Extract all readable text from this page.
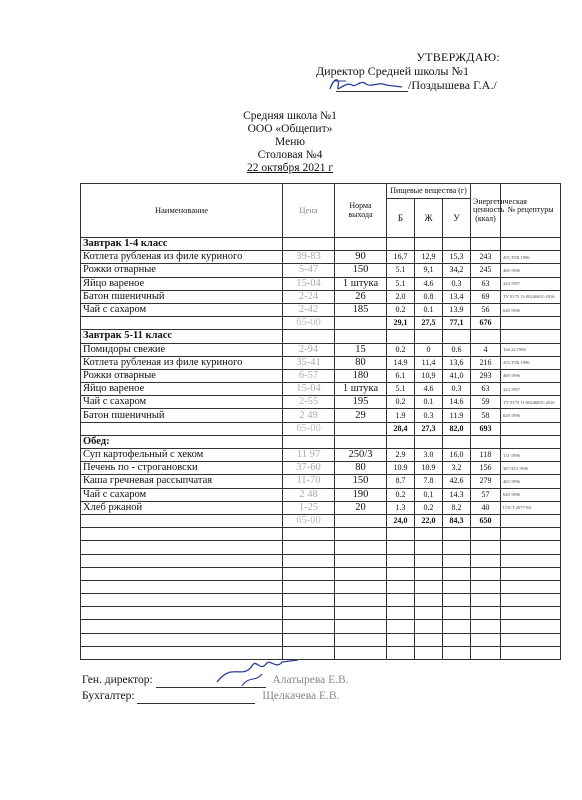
УТВЕРЖДАЮ:
Директор Средней школы №1
/Поздышева Г.А./
Средняя школа №1
ООО «Общепит»
Меню
Столовая №4
22 октября 2021 г
Наименование	Цена	Норма выхода	Пищевые вещества (г)			Энергетическая ценность (ккал)	№ рецептуры
			Б	Ж	У		
Завтрак 1-4 класс							
Котлета рубленая из филе куриного	39-83	90	16,7	12,9	15,3	243	455,ТТК 1996
Рожки отварные	5-47	150	5.1	9,1	34,2	245	469 1996
Яйцо вареное	15-04	1 штука	5.1	4.6	0.3	63	324 1997
Батон пшеничный	2-24	26	2.0	0.8	13.4	69	ТУ 9175 11-00246831-2016
Чай с сахаром	2-42	185	0.2	0.1	13.9	56	628 1996
	65-00		29,1	27,5	77,1	676	
Завтрак 5-11 класс							
Помидоры свежие	2-94	15	0.2	0	0.6	4	Таб.24 1996
Котлета рубленая из филе куриного	35-41	80	14.9	11,4	13,6	216	455,ТТК 1996
Рожки отварные	6-57	180	6.1	10,9	41,0	293	469 1996
Яйцо вареное	15-04	1 штука	5.1	4.6	0.3	63	324 1997
Чай с сахаром	2-55	195	0.2	0.1	14.6	59	ТУ 9175 11-00246831-2016
Батон пшеничный	2 49	29	1.9	0.3	11.9	58	628 1996
	65-00		28,4	27,3	82,0	693	
Обед:							
Суп картофельный с хеком	11 97	250/3	2.9	3.0	16.0	118	131 1996
Печень по - строгановски	37-60	80	10.9	10.9	3.2	156	387/353 1996
Каша гречневая рассыпчатая	11-70	150	8.7	7.8	42.6	279	463 1996
Чай с сахаром	2 48	190	0.2	0.1	14.3	57	628 1996
Хлеб ржаной	1-25	20	1.3	0.2	8.2	40	ГОСТ 2077-84
	65-00		24,0	22,0	84,3	650	

Ген. директор:	Алатырева Е.В.
Бухгалтер:	Щелкачева Е.В.
